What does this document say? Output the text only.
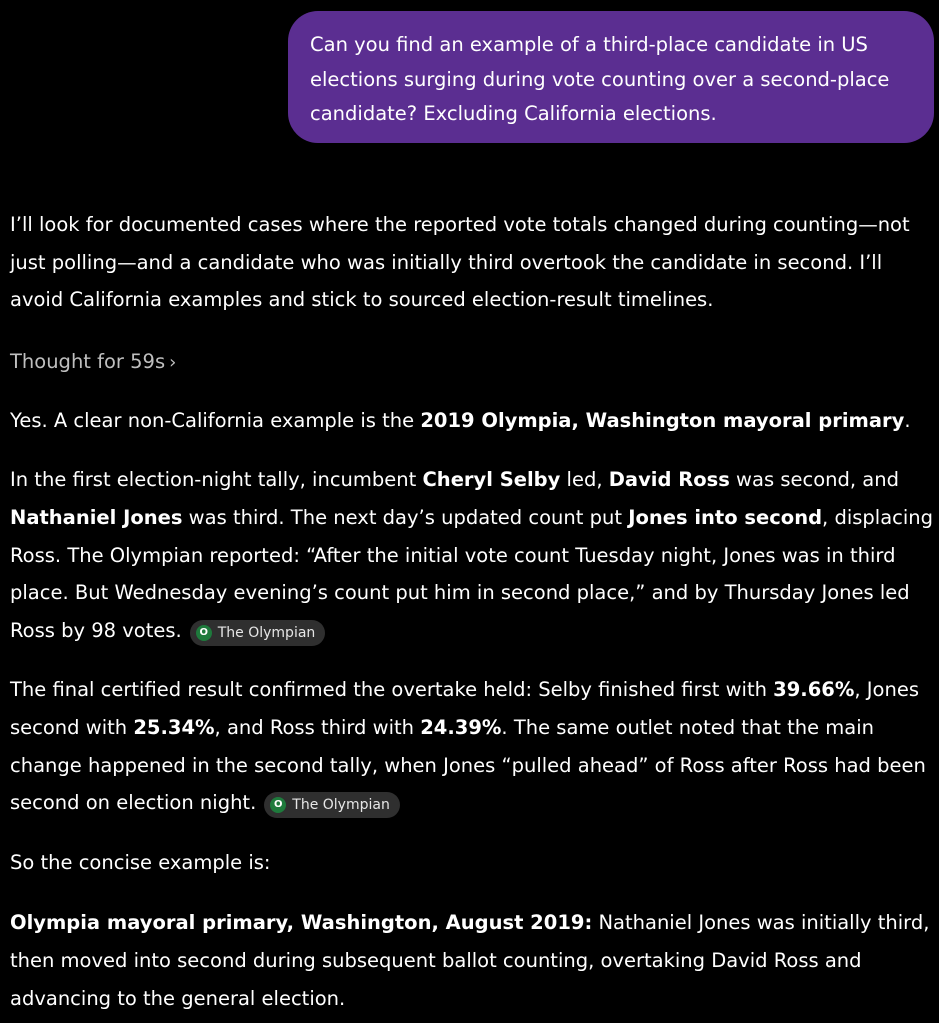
Can you find an example of a third-place candidate in US elections surging during vote counting over a second-place candidate? Excluding California elections.

I’ll look for documented cases where the reported vote totals changed during counting—not just polling—and a candidate who was initially third overtook the candidate in second. I’ll avoid California examples and stick to sourced election-result timelines.

Thought for 59s ›

Yes. A clear non-California example is the 2019 Olympia, Washington mayoral primary.

In the first election-night tally, incumbent Cheryl Selby led, David Ross was second, and Nathaniel Jones was third. The next day’s updated count put Jones into second, displacing Ross. The Olympian reported: “After the initial vote count Tuesday night, Jones was in third place. But Wednesday evening’s count put him in second place,” and by Thursday Jones led Ross by 98 votes.	O The Olympian

The final certified result confirmed the overtake held: Selby finished first with 39.66%, Jones second with 25.34%, and Ross third with 24.39%. The same outlet noted that the main change happened in the second tally, when Jones “pulled ahead” of Ross after Ross had been second on election night.	O The Olympian

So the concise example is:

Olympia mayoral primary, Washington, August 2019: Nathaniel Jones was initially third, then moved into second during subsequent ballot counting, overtaking David Ross and advancing to the general election.
